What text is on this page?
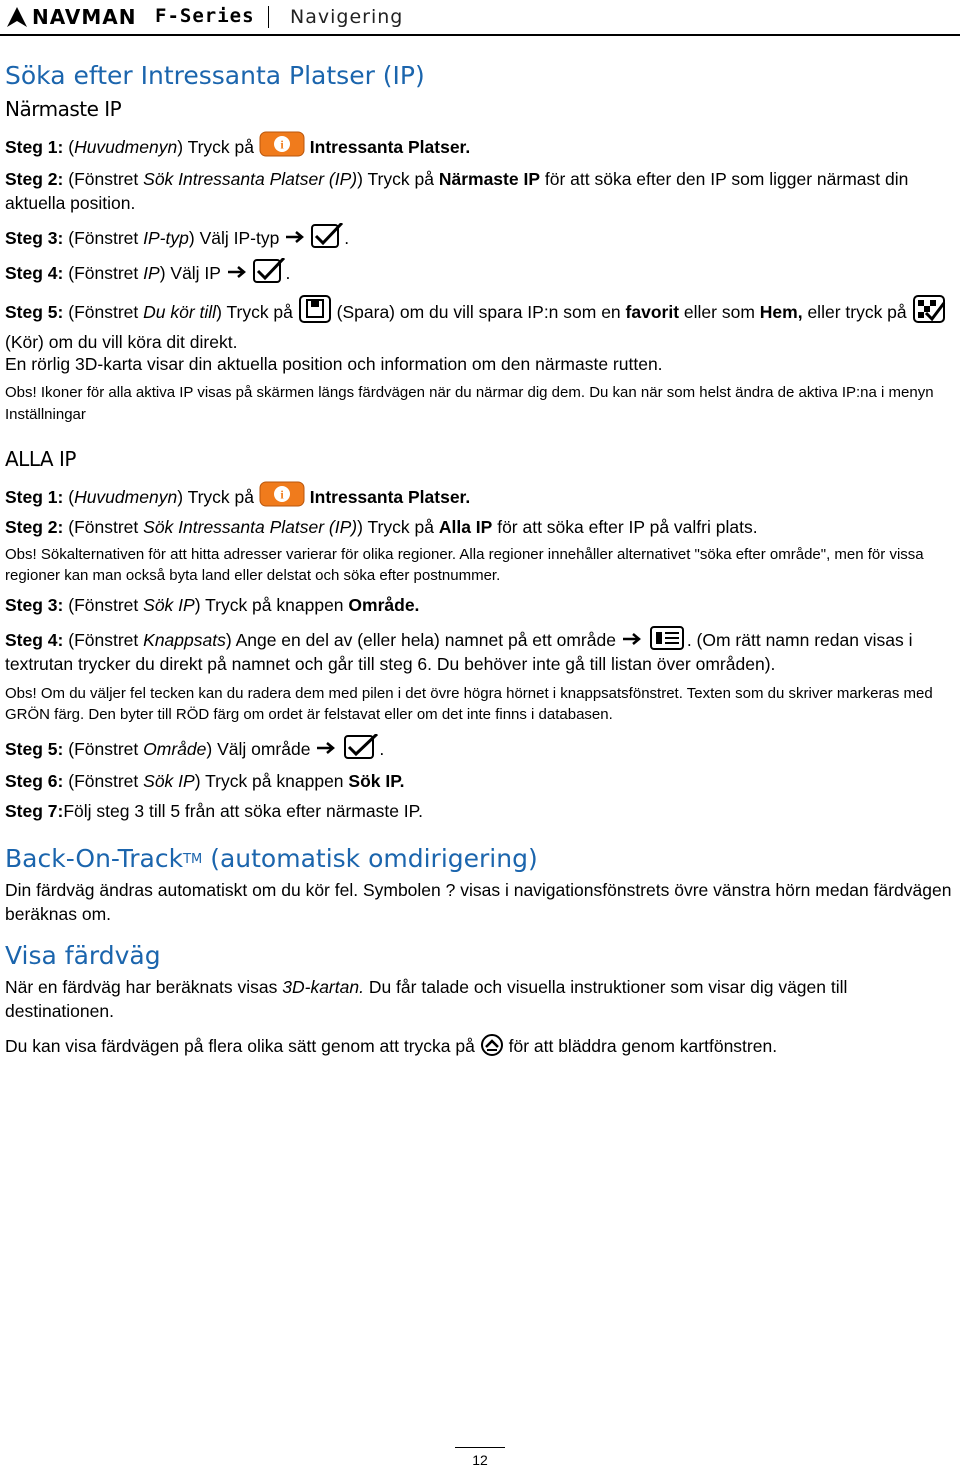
NAVMAN F-Series Navigering
Söka efter Intressanta Platser (IP)
Närmaste IP

Steg 1: (Huvudmenyn) Tryck på i Intressanta Platser.

Steg 2: (Fönstret Sök Intressanta Platser (IP)) Tryck på Närmaste IP för att söka efter den IP som ligger närmast din aktuella position.

Steg 3: (Fönstret IP-typ) Välj IP-typ	.

Steg 4: (Fönstret IP) Välj IP	.

Steg 5: (Fönstret Du kör till) Tryck på	(Spara) om du vill spara IP:n som en favorit eller som Hem, eller tryck på  (Kör) om du vill köra dit direkt.

En rörlig 3D-karta visar din aktuella position och information om den närmaste rutten.

Obs! Ikoner för alla aktiva IP visas på skärmen längs färdvägen när du närmar dig dem. Du kan när som helst ändra de aktiva IP:na i menyn Inställningar

ALLA IP

Steg 1: (Huvudmenyn) Tryck på i Intressanta Platser.

Steg 2: (Fönstret Sök Intressanta Platser (IP)) Tryck på Alla IP för att söka efter IP på valfri plats.

Obs! Sökalternativen för att hitta adresser varierar för olika regioner. Alla regioner innehåller alternativet "söka efter område", men för vissa regioner kan man också byta land eller delstat och söka efter postnummer.

Steg 3: (Fönstret Sök IP) Tryck på knappen Område.

Steg 4: (Fönstret Knappsats) Ange en del av (eller hela) namnet på ett område	. (Om rätt namn redan visas i textrutan trycker du direkt på namnet och går till steg 6. Du behöver inte gå till listan över områden).

Obs! Om du väljer fel tecken kan du radera dem med pilen i det övre högra hörnet i knappsatsfönstret. Texten som du skriver markeras med GRÖN färg. Den byter till RÖD färg om ordet är felstavat eller om det inte finns i databasen.

Steg 5: (Fönstret Område) Välj område	.

Steg 6: (Fönstret Sök IP) Tryck på knappen Sök IP.

Steg 7:Följ steg 3 till 5 från att söka efter närmaste IP.

Back-On-TrackTM (automatisk omdirigering)

Din färdväg ändras automatiskt om du kör fel. Symbolen ? visas i navigationsfönstrets övre vänstra hörn medan färdvägen beräknas om.

Visa färdväg

När en färdväg har beräknats visas 3D-kartan. Du får talade och visuella instruktioner som visar dig vägen till destinationen.

Du kan visa färdvägen på flera olika sätt genom att trycka på för att bläddra genom kartfönstren.

12
